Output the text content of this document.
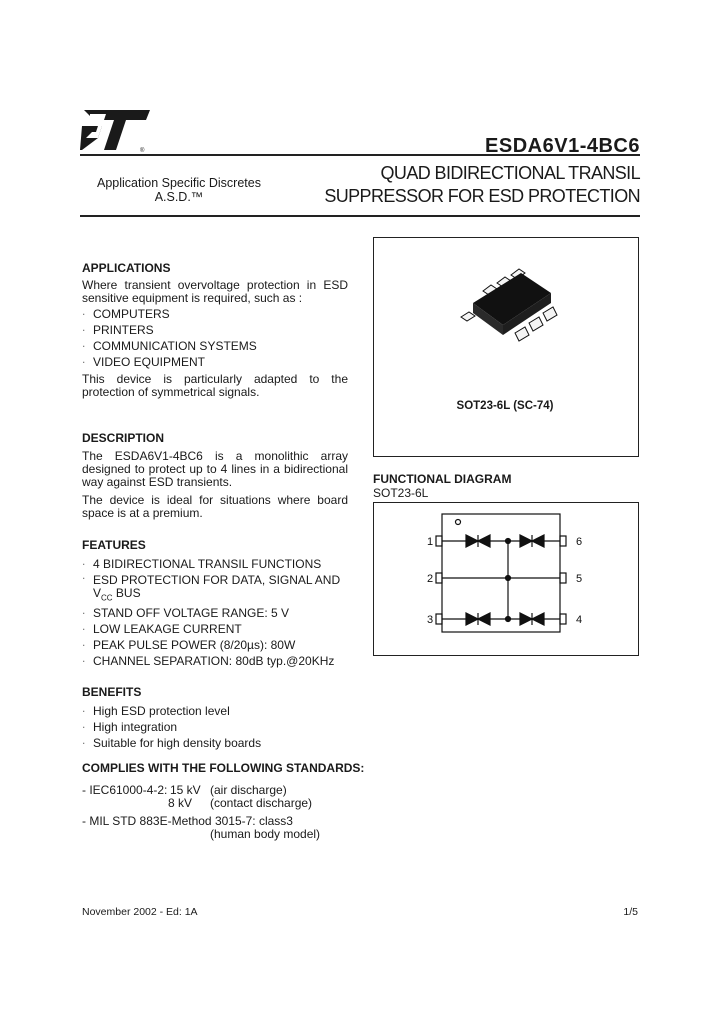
®	ESDA6V1-4BC6
QUAD BIDIRECTIONAL TRANSIL
SUPPRESSOR FOR ESD PROTECTION
Application Specific Discretes
A.S.D.™
APPLICATIONS

Where transient overvoltage protection in ESD sensitive equipment is required, such as :

. COMPUTERS
. PRINTERS
. COMMUNICATION SYSTEMS
. VIDEO EQUIPMENT

This device is particularly adapted to the protection of symmetrical signals.

DESCRIPTION

The ESDA6V1-4BC6 is a monolithic array designed to protect up to 4 lines in a bidirectional way against ESD transients.

The device is ideal for situations where board space is at a premium.

FEATURES
. 4 BIDIRECTIONAL TRANSIL FUNCTIONS
. ESD PROTECTION FOR DATA, SIGNAL AND
$V_{CC}$ BUS
. STAND OFF VOLTAGE RANGE: 5 V
. LOW LEAKAGE CURRENT
. PEAK PULSE POWER (8/20µs): 80W
. CHANNEL SEPARATION: 80dB typ.@20KHz
BENEFITS
. High ESD protection level
. High integration
. Suitable for high density boards
COMPLIES WITH THE FOLLOWING STANDARDS:
- IEC61000-4-2: 15 kV (air discharge)
8 kV (contact discharge)
- MIL STD 883E-Method 3015-7: class3
(human body model)
SOT23-6L (SC-74)
FUNCTIONAL DIAGRAM
SOT23-6L
1
2
3	4
5
6
November 2002 - Ed: 1A	1/5
